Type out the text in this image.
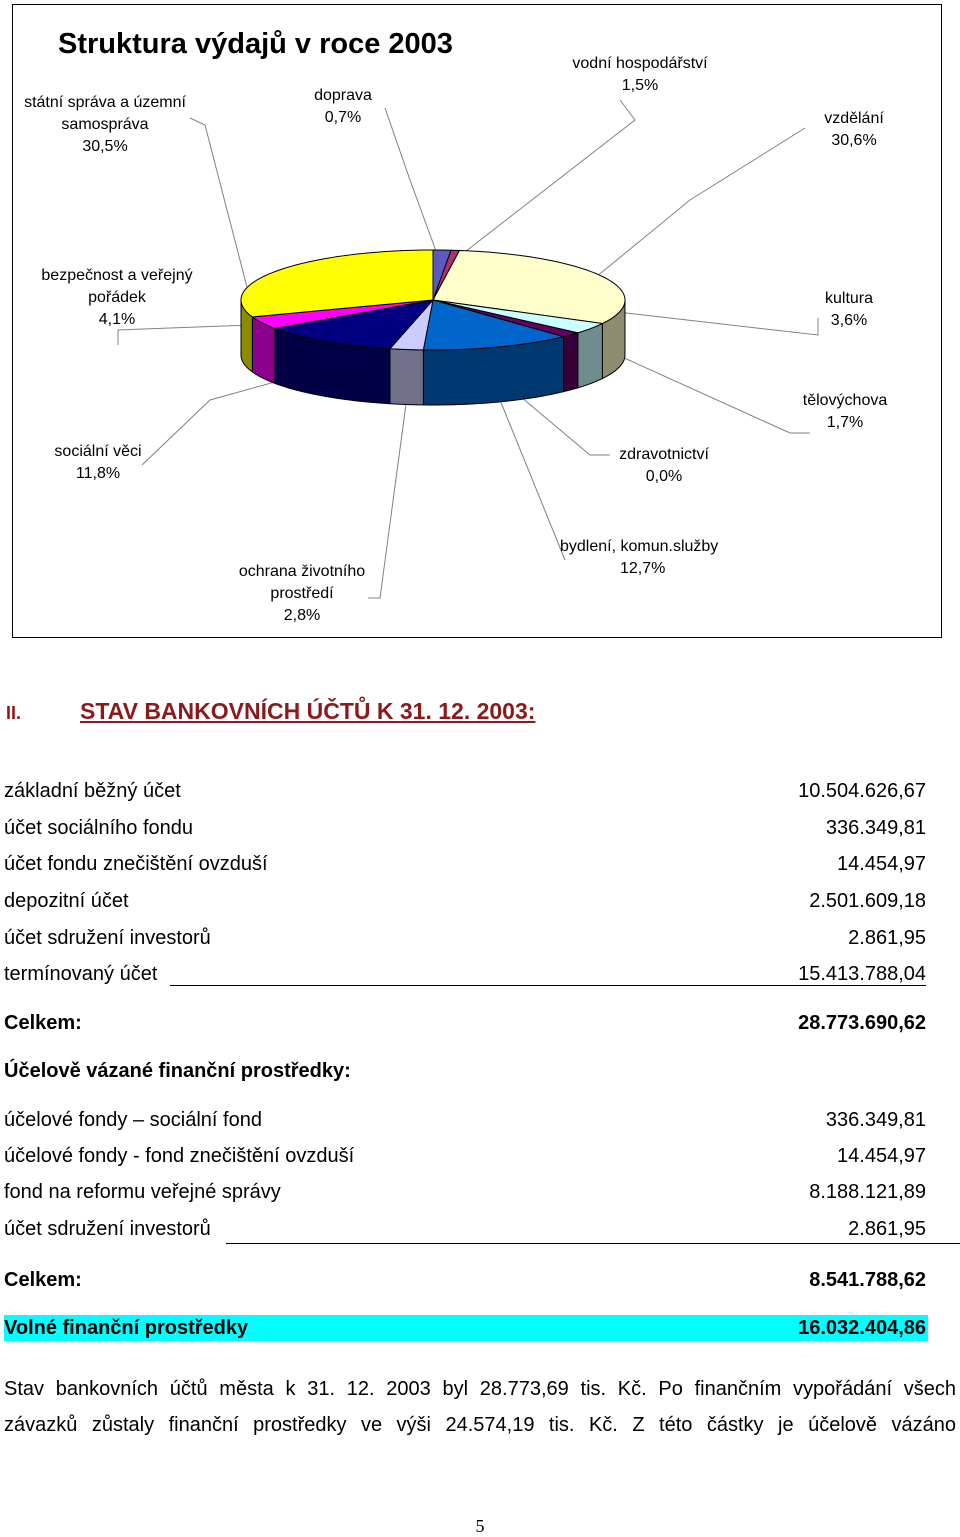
Struktura výdajů v roce 2003
státní správa a územní
samospráva
30,5%
doprava
0,7%
vodní hospodářství
1,5%
vzdělání
30,6%
bezpečnost a veřejný
pořádek
4,1%
kultura
3,6%
tělovýchova
1,7%
sociální věci
11,8%
zdravotnictví
0,0%
bydlení, komun.služby
12,7%
ochrana životního
prostředí
2,8%
II.	STAV BANKOVNÍCH ÚČTŮ K 31. 12. 2003:
základní běžný účet	10.504.626,67
účet sociálního fondu	336.349,81
účet fondu znečištění ovzduší	14.454,97
depozitní účet	2.501.609,18
účet sdružení investorů	2.861,95
termínovaný účet	15.413.788,04
Celkem:	28.773.690,62
Účelově vázané finanční prostředky:
účelové fondy – sociální fond	336.349,81
účelové fondy - fond znečištění ovzduší	14.454,97
fond na reformu veřejné správy	8.188.121,89
účet sdružení investorů	2.861,95
Celkem:	8.541.788,62
Volné finanční prostředky	16.032.404,86
Stav bankovních účtů města k 31. 12. 2003 byl 28.773,69 tis. Kč. Po finančním vypořádání všech
závazků zůstaly finanční prostředky ve výši 24.574,19 tis. Kč. Z této částky je účelově vázáno
5
